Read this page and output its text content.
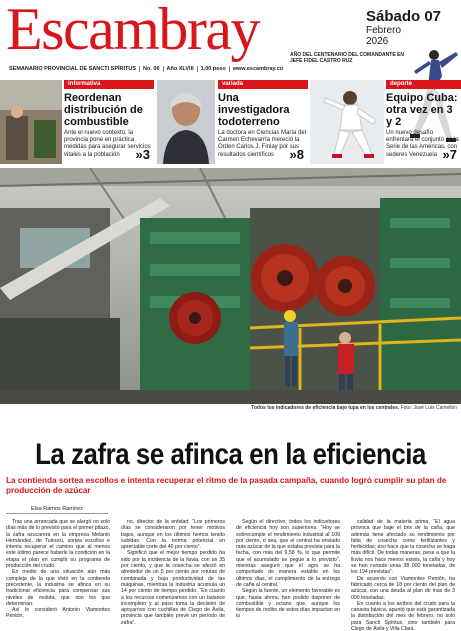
Escambray	Sábado 07
Febrero
2026
SEMANARIO PROVINCIAL DE SANCTI SPÍRITUS	No. 06	Año XLVIII	1.00 peso	www.escambray.cu
AÑO DEL CENTENARIO DEL COMANDANTE EN JEFE FIDEL CASTRO RUZ
informativa
Reordenan distribución de combustible

Ante el nuevo contexto, la provincia pone en práctica medidas para asegurar servicios vitales a la población	»3
variada
Una investigadora todoterreno

La doctora en Ciencias María del Carmen Echevarría mereció la Orden Carlos J. Finlay por sus resultados científicos	»8
deporte
Equipo Cuba: otra vez en 3 y 2

Un nuevo desafío enfrentará el conjunto en la Serie de las Américas, con sederes Venezuela »7
Todos los indicadores de eficiencia bajo lupa en los centrales. Foto: José Luis Camellón
La zafra se afinca en la eficiencia
La contienda sortea escollos e intenta recuperar el ritmo de la pasada campaña, cuando logró cumplir su plan de producción de azúcar
Elsa Ramos Ramírez

Tras una arrancada que se alargó no solo días más de lo previsto para el primer pitazo, la zafra azucarera en la empresa Melanio Hernández, de Tuinucú, sortea escollos e intenta recuperar el camino que al menos este último parece haberle la condición en la etapa el plan en cumplir su programa de producción del crudo.

En medio de una situación aún más compleja de la que vivió en la contienda precedente, la industria se afinca en su tradicional eficiencia para compensar sus niveles de molida, que son los que determinan.

Así lo consideró Antonio Viamontes Pentón,

no, director de la entidad: “Los primeros días se consideraron por tener motivos bajos, aunque en los últimos hemos tenido subidas. Con la norma potencial en apreciable corte del 40 por ciento”.

Significó que el mejor tiempo perdido ha sido por la incidencia de la lluvia, con un 35 por ciento, y que la cosecha se afectó en alrededor de un 5 por ciento por roturas de combinada y baja productividad de las máquinas, mientras la industria acumula un 14 por ciento de tiempo perdido. “En cuanto a los recursos comenzamos con un balance incompleto y al paso toma la decisión de apoyarnos con cuchillas de Ciego de Ávila, provincia que también prevé un período de zafra”.

Según el directivo, todos los indicadores de eficiencia hoy son superiores. “Hoy se sobrecumple el rendimiento industrial al 109 por ciento, o sea, que el central ha enviado más azúcar de la que estaba prevista para la fecha, con más del 9,58 %, lo que permite que el acumulado se pegue a lo previsto”, mientras aseguró que el agro se ha comportado de manera estable en los últimos días, el cumplimiento de la entrega de caña al central.

Según la fuente, un elemento favorable es que, hasta ahora, han podido disponer de combustible y octano que, aunque los tiempos de recibo de estos días impactan en la

calidad de la materia prima. “El agua provoca que baje el brix de la caña, que además tiene afectado su rendimiento por falta de cosecha como fertilizantes y herbicidas; eso hace que la cosecha se haga más difícil. De todas maneras, pese a que la lluvia nos hace menos estrés, la caña y hoy se han cortado unas 38 000 toneladas, de los 194 previstas”.

De acuerdo con Viamontes Pentón, ha fabricado cerca de 18 por ciento del plan de azúcar, con una deuda al plan de más de 3 000 toneladas.

En cuanto a los arribos del crudo para la canasta básica, apuntó que está garantizada la distribución del mes de febrero, no solo para Sancti Spíritus, sino también para Ciego de Ávila y Villa Clara.
